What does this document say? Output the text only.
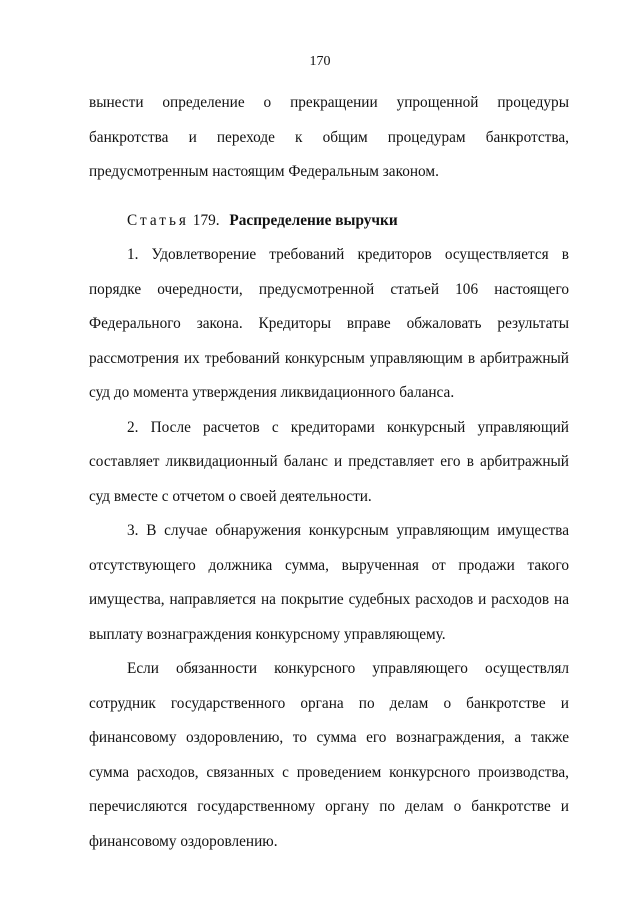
170

вынести определение о прекращении упрощенной процедуры банкротства и переходе к общим процедурам банкротства, предусмотренным настоящим Федеральным законом.

Статья 179. Распределение выручки

1. Удовлетворение требований кредиторов осуществляется в порядке очередности, предусмотренной статьей 106 настоящего Федерального закона. Кредиторы вправе обжаловать результаты рассмотрения их требований конкурсным управляющим в арбитражный суд до момента утверждения ликвидационного баланса.

2. После расчетов с кредиторами конкурсный управляющий составляет ликвидационный баланс и представляет его в арбитражный суд вместе с отчетом о своей деятельности.

3. В случае обнаружения конкурсным управляющим имущества отсутствующего должника сумма, вырученная от продажи такого имущества, направляется на покрытие судебных расходов и расходов на выплату вознаграждения конкурсному управляющему.

Если обязанности конкурсного управляющего осуществлял сотрудник государственного органа по делам о банкротстве и финансовому оздоровлению, то сумма его вознаграждения, а также сумма расходов, связанных с проведением конкурсного производства, перечисляются государственному органу по делам о банкротстве и финансовому оздоровлению.
